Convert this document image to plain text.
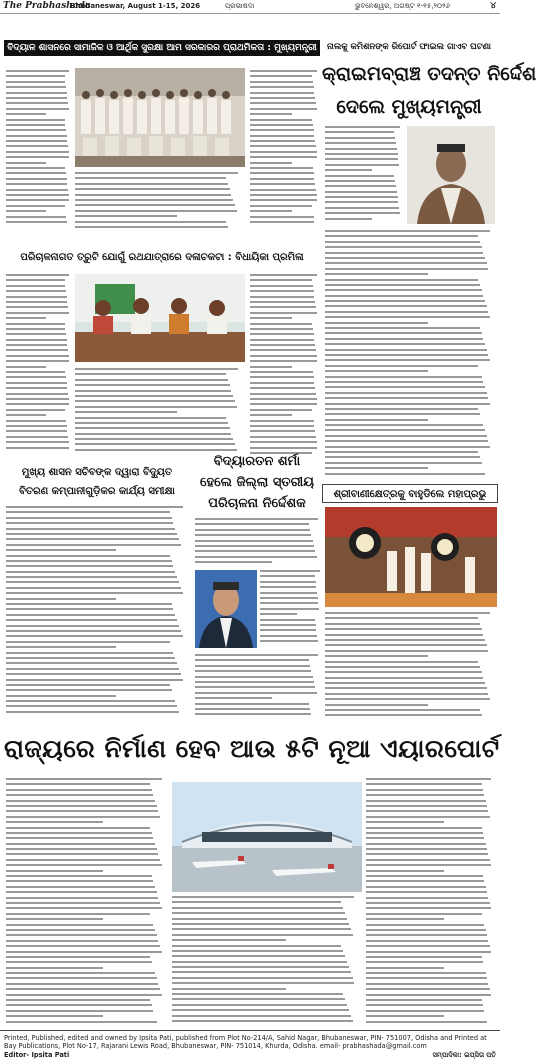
The Prabhashada
Bhubaneswar, August 1-15, 2026	ପ୍ରଭାଷଦା	ଭୁବନେଶ୍ୱର, ଅଗଷ୍ଟ ୧-୧୫,୨୦୨୬	୪
ବିଦ୍ୟାଳ ଶାସନରେ ସାମାଜିକ ଓ ଆର୍ଥିକ ସୁରକ୍ଷା ଆମ ସରକାରର ପ୍ରାଥମିକତା : ମୁଖ୍ୟମନ୍ତ୍ରୀ	ନାଲକୁ କମିଶନଙ୍କ ରିପୋର୍ଟ ଫାଇଲ ଗାଏବ ଘଟଣା
କ୍ରାଇମବ୍ରାଞ୍ଚ ତଦନ୍ତ ନିର୍ଦ୍ଦେଶ
ଦେଲେ ମୁଖ୍ୟମନ୍ତ୍ରୀ
ପରିଚାଳନାଗତ ତ୍ରୁଟି ଯୋଗୁଁ ରଥଯାତ୍ରାରେ ଦଳାଚକଟା : ବିଧାୟିକା ପ୍ରମିଳା
ଶ୍ରୀବାଣୀକ୍ଷେତ୍ରକୁ ବାହୁଡିଲେ ମହାପ୍ରଭୁ
ମୁଖ୍ୟ ଶାସନ ସଚିବଙ୍କ ଦ୍ୱାରା ବିଦ୍ୟୁତ
ବିତରଣ କମ୍ପାନୀଗୁଡ଼ିକର କାର୍ଯ୍ୟ ସମୀକ୍ଷା
ବିଦ୍ୟାରତନ ଶର୍ମା
ହେଲେ ଜିଲ୍ଲା ସ୍ତରୀୟ
ପରିଚାଳନା ନିର୍ଦ୍ଦେଶକ
ରାଜ୍ୟରେ ନିର୍ମାଣ ହେବ ଆଉ ୫ଟି ନୂଆ ଏୟାରପୋର୍ଟ
Printed, Published, edited and owned by Ipsita Pati, published from Plot No-214/A, Sahid Nagar, Bhubaneswar, PIN- 751007, Odisha and Printed at
Bay Publications, Plot No-17, Rajarani Lewis Road, Bhubaneswar, PIN- 751014, Khurda, Odisha. email- prabhashada@gmail.com
Editor- Ipsita Pati	ସମ୍ପାଦିକା: ଇପ୍ସିତା ପତି
